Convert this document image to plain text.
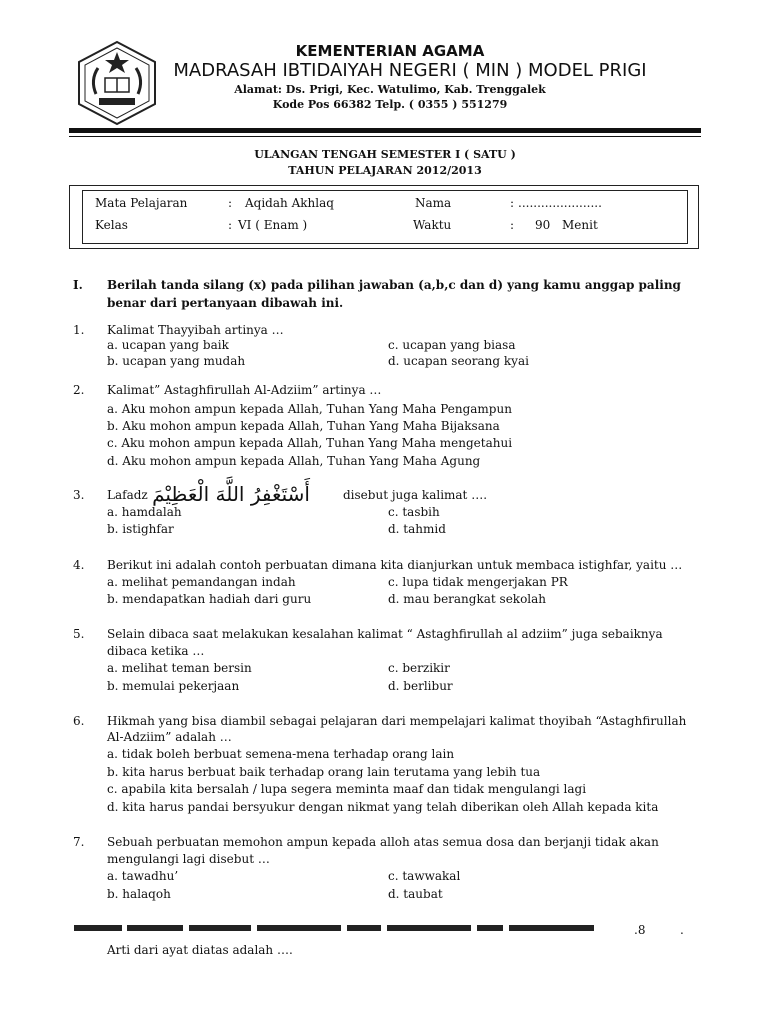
KEMENTERIAN AGAMA
MADRASAH IBTIDAIYAH NEGERI ( MIN ) MODEL PRIGI
Alamat: Ds. Prigi, Kec. Watulimo, Kab. Trenggalek
Kode Pos 66382 Telp. ( 0355 ) 551279
ULANGAN TENGAH SEMESTER I ( SATU )
TAHUN PELAJARAN 2012/2013
Mata Pelajaran	: Aqidah Akhlaq	Nama	: ......................
Kelas	: VI ( Enam )	Waktu	: 90 Menit
I. Berilah tanda silang (x) pada pilihan jawaban (a,b,c dan d) yang kamu anggap paling
benar dari pertanyaan dibawah ini.
1. Kalimat Thayyibah artinya …
a. ucapan yang baik	c. ucapan yang biasa
b. ucapan yang mudah	d. ucapan seorang kyai
2. Kalimat” Astaghfirullah Al-Adziim” artinya …
a. Aku mohon ampun kepada Allah, Tuhan Yang Maha Pengampun
b. Aku mohon ampun kepada Allah, Tuhan Yang Maha Bijaksana
c. Aku mohon ampun kepada Allah, Tuhan Yang Maha mengetahui
d. Aku mohon ampun kepada Allah, Tuhan Yang Maha Agung
3. Lafadz أَسْتَغْفِرُ اللَّهَ الْعَظِيْمَ	disebut juga kalimat ….
a. hamdalah	c. tasbih
b. istighfar	d. tahmid
4. Berikut ini adalah contoh perbuatan dimana kita dianjurkan untuk membaca istighfar, yaitu …
a. melihat pemandangan indah	c. lupa tidak mengerjakan PR
b. mendapatkan hadiah dari guru	d. mau berangkat sekolah
5. Selain dibaca saat melakukan kesalahan kalimat “ Astaghfirullah al adziim” juga sebaiknya
dibaca ketika …
a. melihat teman bersin	c. berzikir
b. memulai pekerjaan	d. berlibur
6. Hikmah yang bisa diambil sebagai pelajaran dari mempelajari kalimat thoyibah “Astaghfirullah
Al-Adziim” adalah …
a. tidak boleh berbuat semena-mena terhadap orang lain
b. kita harus berbuat baik terhadap orang lain terutama yang lebih tua
c. apabila kita bersalah / lupa segera meminta maaf dan tidak mengulangi lagi
d. kita harus pandai bersyukur dengan nikmat yang telah diberikan oleh Allah kepada kita
7. Sebuah perbuatan memohon ampun kepada alloh atas semua dosa dan berjanji tidak akan
mengulangi lagi disebut …
a. tawadhu’	c. tawwakal
b. halaqoh	d. taubat
.8	.
Arti dari ayat diatas adalah ….
